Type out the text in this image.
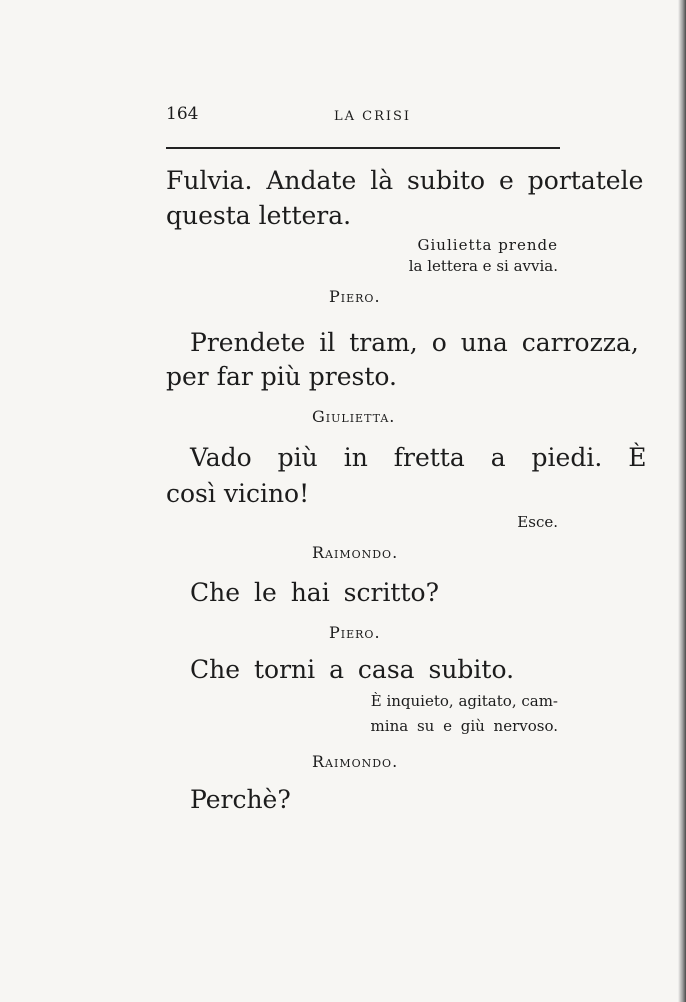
164	LA CRISI
Fulvia. Andate là subito e portatele
questa lettera.
Giulietta prende
la lettera e si avvia.
Piero.
Prendete il tram, o una carrozza,
per far più presto.
Giulietta.
Vado più in fretta a piedi. È
così vicino!
Esce.
Raimondo.
Che le hai scritto?
Piero.
Che torni a casa subito.
È inquieto, agitato, cam-
mina su e giù nervoso.
Raimondo.
Perchè?
